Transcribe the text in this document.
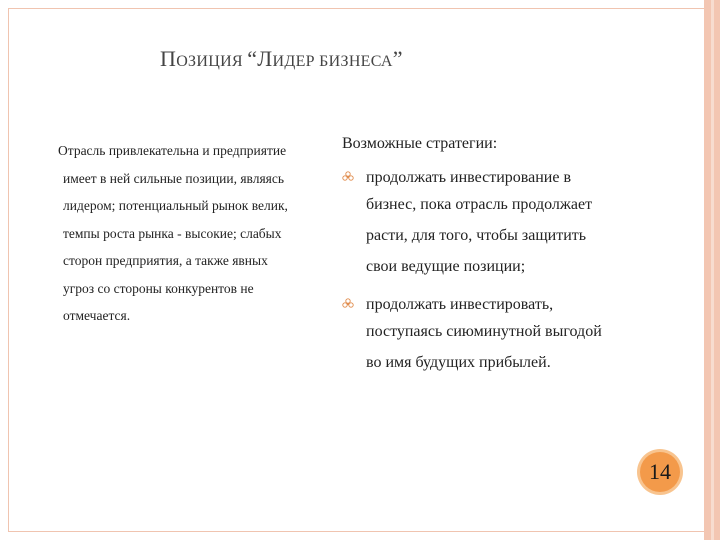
ПОЗИЦИЯ “ЛИДЕР БИЗНЕСА”
Отрасль привлекательна и предприятие
имеет в ней сильные позиции, являясь
лидером; потенциальный рынок велик,
темпы роста рынка - высокие; слабых
сторон предприятия, а также явных
угроз со стороны конкурентов не
отмечается.
Возможные стратегии:
продолжать инвестирование в
бизнес, пока отрасль продолжает
расти, для того, чтобы защитить
свои ведущие позиции;
продолжать инвестировать,
поступаясь сиюминутной выгодой
во имя будущих прибылей.
14
